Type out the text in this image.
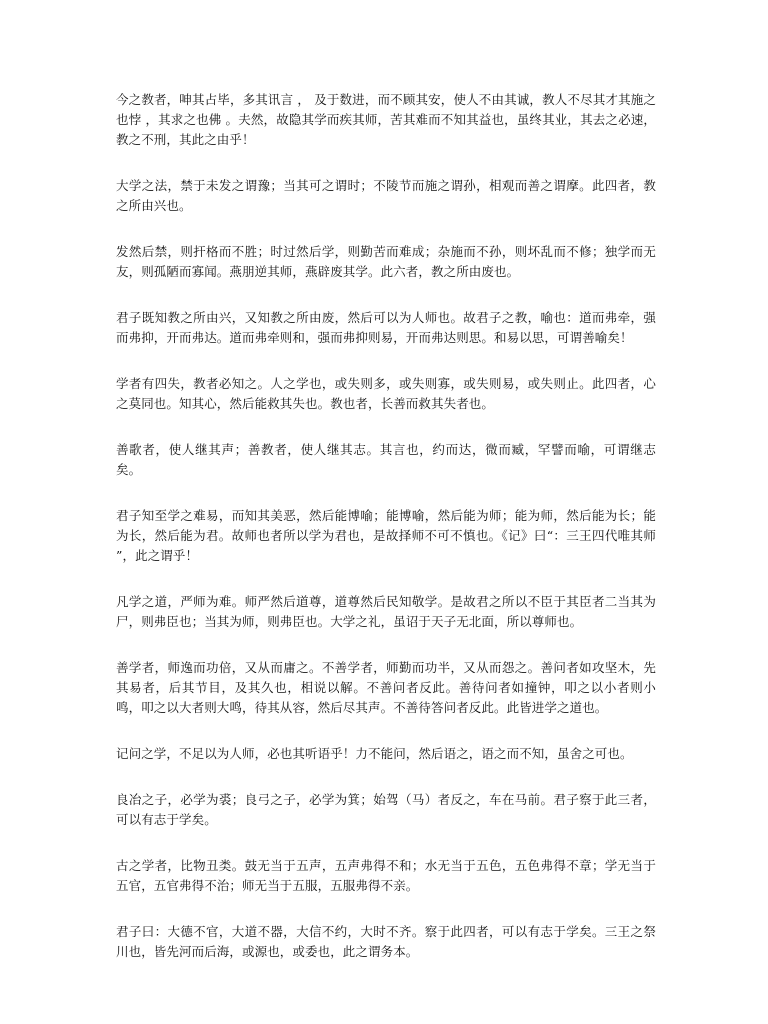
今之教者，呻其占毕，多其讯言 ， 及于数进，而不顾其安，使人不由其诚，教人不尽其才其施之也悖 ，其求之也佛 。夫然，故隐其学而疾其师，苦其难而不知其益也，虽终其业，其去之必速，教之不刑，其此之由乎！

大学之法，禁于未发之谓豫；当其可之谓时；不陵节而施之谓孙，相观而善之谓摩。此四者，教之所由兴也。

发然后禁，则扞格而不胜；时过然后学，则勤苦而难成；杂施而不孙，则坏乱而不修；独学而无友，则孤陋而寡闻。燕朋逆其师，燕辟废其学。此六者，教之所由废也。

君子既知教之所由兴，又知教之所由废，然后可以为人师也。故君子之教，喻也：道而弗牵，强而弗抑，开而弗达。道而弗牵则和，强而弗抑则易，开而弗达则思。和易以思，可谓善喻矣！

学者有四失，教者必知之。人之学也，或失则多，或失则寡，或失则易，或失则止。此四者，心之莫同也。知其心，然后能救其失也。教也者，长善而救其失者也。

善歌者，使人继其声；善教者，使人继其志。其言也，约而达，微而臧，罕譬而喻，可谓继志矣。

君子知至学之难易，而知其美恶，然后能博喻；能博喻，然后能为师；能为师，然后能为长；能为长，然后能为君。故师也者所以学为君也，是故择师不可不慎也。《记》曰“：三王四代唯其师 ”，此之谓乎！

凡学之道，严师为难。师严然后道尊，道尊然后民知敬学。是故君之所以不臣于其臣者二当其为尸，则弗臣也；当其为师，则弗臣也。大学之礼，虽诏于天子无北面，所以尊师也。

善学者，师逸而功倍，又从而庸之。不善学者，师勤而功半，又从而怨之。善问者如攻坚木，先其易者，后其节目，及其久也，相说以解。不善问者反此。善待问者如撞钟，叩之以小者则小鸣，叩之以大者则大鸣，待其从容，然后尽其声。不善待答问者反此。此皆进学之道也。

记问之学，不足以为人师，必也其听语乎！力不能问，然后语之，语之而不知，虽舍之可也。

良冶之子，必学为裘；良弓之子，必学为箕；始驾（马）者反之，车在马前。君子察于此三者，可以有志于学矣。

古之学者，比物丑类。鼓无当于五声，五声弗得不和；水无当于五色，五色弗得不章；学无当于五官，五官弗得不治；师无当于五服，五服弗得不亲。

君子曰：大德不官，大道不器，大信不约，大时不齐。察于此四者，可以有志于学矣。三王之祭川也，皆先河而后海，或源也，或委也，此之谓务本。
